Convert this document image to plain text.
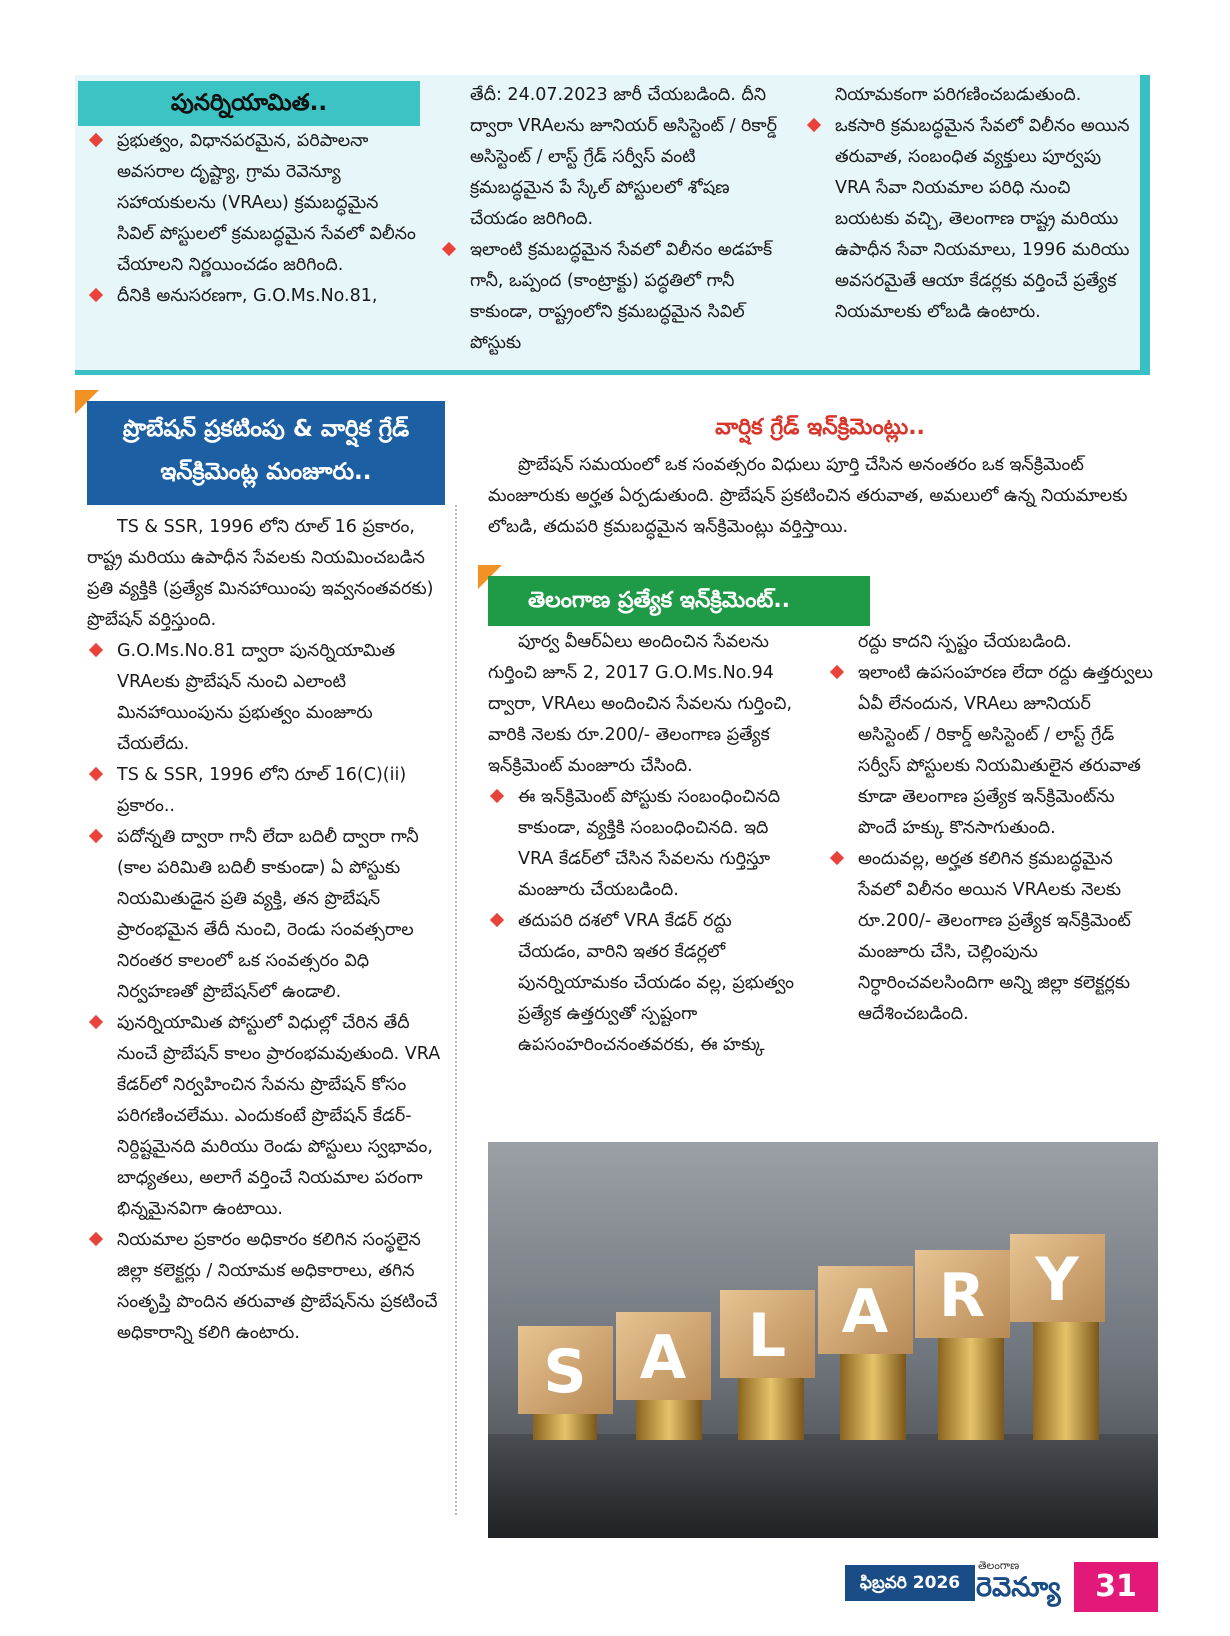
పునర్నియామిత..
ప్రభుత్వం, విధానపరమైన, పరిపాలనా అవసరాల దృష్ట్యా, గ్రామ రెవెన్యూ సహాయకులను (VRAలు) క్రమబద్ధమైన సివిల్ పోస్టులలో క్రమబద్ధమైన సేవలో విలీనం చేయాలని నిర్ణయించడం జరిగింది.
దీనికి అనుసరణగా, G.O.Ms.No.81,

తేదీ: 24.07.2023 జారీ చేయబడింది. దీని ద్వారా VRAలను జూనియర్ అసిస్టెంట్ / రికార్డ్ అసిస్టెంట్ / లాస్ట్ గ్రేడ్ సర్వీస్ వంటి క్రమబద్ధమైన పే స్కేల్ పోస్టులలో శోషణ చేయడం జరిగింది.

ఇలాంటి క్రమబద్ధమైన సేవలో విలీనం అడహక్ గానీ, ఒప్పంద (కాంట్రాక్టు) పద్ధతిలో గానీ కాకుండా, రాష్ట్రంలోని క్రమబద్ధమైన సివిల్ పోస్టుకు

నియామకంగా పరిగణించబడుతుంది.

ఒకసారి క్రమబద్ధమైన సేవలో విలీనం అయిన తరువాత, సంబంధిత వ్యక్తులు పూర్వపు VRA సేవా నియమాల పరిధి నుంచి బయటకు వచ్చి, తెలంగాణ రాష్ట్ర మరియు ఉపాధీన సేవా నియమాలు, 1996 మరియు అవసరమైతే ఆయా కేడర్లకు వర్తించే ప్రత్యేక నియమాలకు లోబడి ఉంటారు.
ప్రొబేషన్ ప్రకటింపు & వార్షిక గ్రేడ్ ఇన్‌క్రిమెంట్ల మంజూరు..

TS & SSR, 1996 లోని రూల్ 16 ప్రకారం, రాష్ట్ర మరియు ఉపాధీన సేవలకు నియమించబడిన ప్రతి వ్యక్తికి (ప్రత్యేక మినహాయింపు ఇవ్వనంతవరకు) ప్రొబేషన్ వర్తిస్తుంది.

G.O.Ms.No.81 ద్వారా పునర్నియామిత VRAలకు ప్రొబేషన్ నుంచి ఎలాంటి మినహాయింపును ప్రభుత్వం మంజూరు చేయలేదు.
TS & SSR, 1996 లోని రూల్ 16(C)(ii) ప్రకారం..
పదోన్నతి ద్వారా గానీ లేదా బదిలీ ద్వారా గానీ (కాల పరిమితి బదిలీ కాకుండా) ఏ పోస్టుకు నియమితుడైన ప్రతి వ్యక్తి, తన ప్రొబేషన్ ప్రారంభమైన తేదీ నుంచి, రెండు సంవత్సరాల నిరంతర కాలంలో ఒక సంవత్సరం విధి నిర్వహణతో ప్రొబేషన్‌లో ఉండాలి.
పునర్నియామిత పోస్టులో విధుల్లో చేరిన తేదీ నుంచే ప్రొబేషన్ కాలం ప్రారంభమవుతుంది. VRA కేడర్‌లో నిర్వహించిన సేవను ప్రొబేషన్ కోసం పరిగణించలేము. ఎందుకంటే ప్రొబేషన్ కేడర్-నిర్దిష్టమైనది మరియు రెండు పోస్టులు స్వభావం, బాధ్యతలు, అలాగే వర్తించే నియమాల పరంగా భిన్నమైనవిగా ఉంటాయి.
నియమాల ప్రకారం అధికారం కలిగిన సంస్థలైన జిల్లా కలెక్టర్లు / నియామక అధికారాలు, తగిన సంతృప్తి పొందిన తరువాత ప్రొబేషన్‌ను ప్రకటించే అధికారాన్ని కలిగి ఉంటారు.
వార్షిక గ్రేడ్ ఇన్‌క్రిమెంట్లు..

ప్రొబేషన్ సమయంలో ఒక సంవత్సరం విధులు పూర్తి చేసిన అనంతరం ఒక ఇన్‌క్రిమెంట్ మంజూరుకు అర్హత ఏర్పడుతుంది. ప్రొబేషన్ ప్రకటించిన తరువాత, అమలులో ఉన్న నియమాలకు లోబడి, తదుపరి క్రమబద్ధమైన ఇన్‌క్రిమెంట్లు వర్తిస్తాయి.

తెలంగాణ ప్రత్యేక ఇన్‌క్రిమెంట్..

పూర్వ వీఆర్ఏలు అందించిన సేవలను గుర్తించి జూన్ 2, 2017 G.O.Ms.No.94 ద్వారా, VRAలు అందించిన సేవలను గుర్తించి, వారికి నెలకు రూ.200/- తెలంగాణ ప్రత్యేక ఇన్‌క్రిమెంట్ మంజూరు చేసింది.

ఈ ఇన్‌క్రిమెంట్ పోస్టుకు సంబంధించినది కాకుండా, వ్యక్తికి సంబంధించినది. ఇది VRA కేడర్‌లో చేసిన సేవలను గుర్తిస్తూ మంజూరు చేయబడింది.
తదుపరి దశలో VRA కేడర్ రద్దు చేయడం, వారిని ఇతర కేడర్లలో పునర్నియామకం చేయడం వల్ల, ప్రభుత్వం ప్రత్యేక ఉత్తర్వుతో స్పష్టంగా ఉపసంహరించనంతవరకు, ఈ హక్కు

రద్దు కాదని స్పష్టం చేయబడింది.

ఇలాంటి ఉపసంహరణ లేదా రద్దు ఉత్తర్వులు ఏవీ లేనందున, VRAలు జూనియర్ అసిస్టెంట్ / రికార్డ్ అసిస్టెంట్ / లాస్ట్ గ్రేడ్ సర్వీస్ పోస్టులకు నియమితులైన తరువాత కూడా తెలంగాణ ప్రత్యేక ఇన్‌క్రిమెంట్‌ను పొందే హక్కు కొనసాగుతుంది.
అందువల్ల, అర్హత కలిగిన క్రమబద్ధమైన సేవలో విలీనం అయిన VRAలకు నెలకు రూ.200/- తెలంగాణ ప్రత్యేక ఇన్‌క్రిమెంట్ మంజూరు చేసి, చెల్లింపును నిర్ధారించవలసిందిగా అన్ని జిల్లా కలెక్టర్లకు ఆదేశించబడింది.
S A L A R Y
ఫిబ్రవరి 2026
తెలంగాణ
రెవెన్యూ	31
